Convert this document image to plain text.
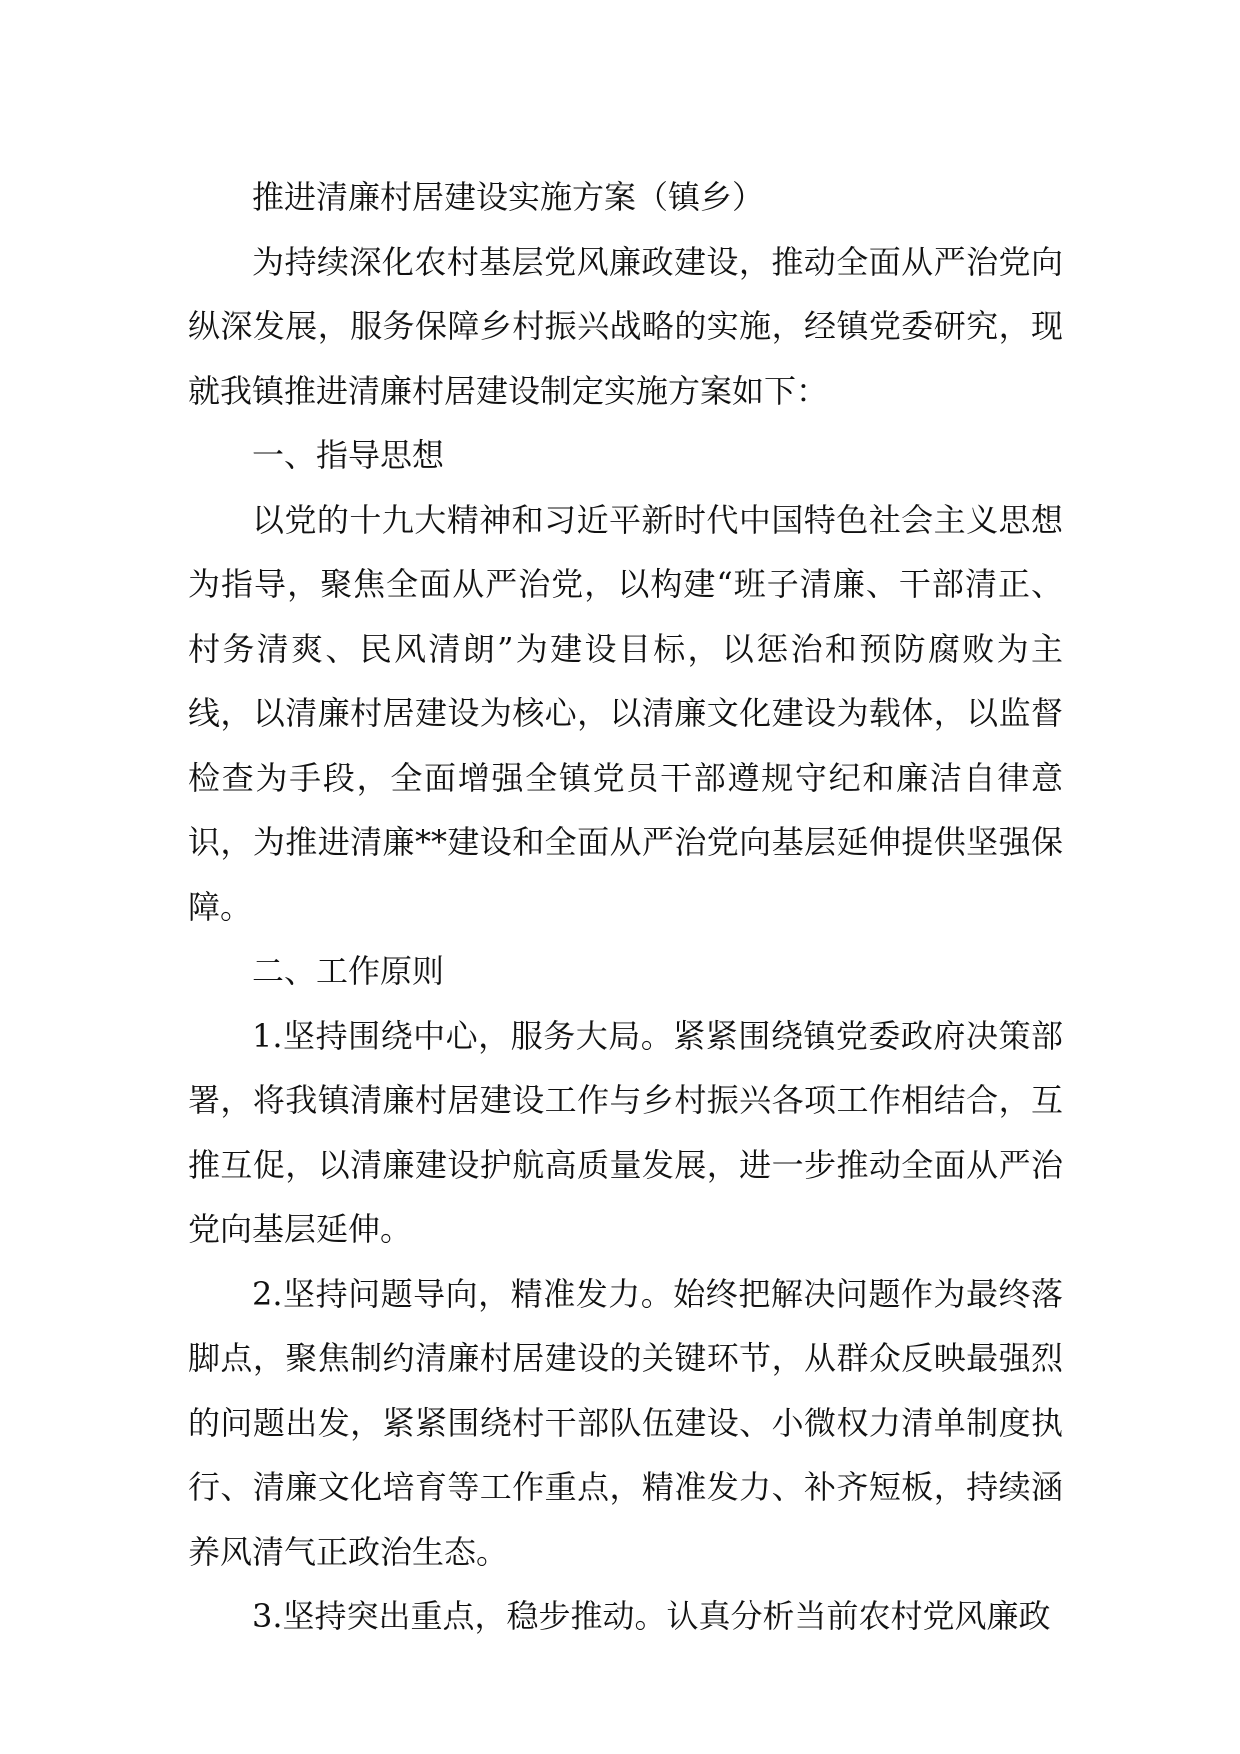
推进清廉村居建设实施方案（镇乡）

为持续深化农村基层党风廉政建设，推动全面从严治党向纵深发展，服务保障乡村振兴战略的实施，经镇党委研究，现就我镇推进清廉村居建设制定实施方案如下：

一、指导思想

以党的十九大精神和习近平新时代中国特色社会主义思想为指导，聚焦全面从严治党，以构建“班子清廉、干部清正、村务清爽、民风清朗”为建设目标，以惩治和预防腐败为主线，以清廉村居建设为核心，以清廉文化建设为载体，以监督检查为手段，全面增强全镇党员干部遵规守纪和廉洁自律意识，为推进清廉**建设和全面从严治党向基层延伸提供坚强保障。

二、工作原则

1.坚持围绕中心，服务大局。紧紧围绕镇党委政府决策部署，将我镇清廉村居建设工作与乡村振兴各项工作相结合，互推互促，以清廉建设护航高质量发展，进一步推动全面从严治党向基层延伸。

2.坚持问题导向，精准发力。始终把解决问题作为最终落脚点，聚焦制约清廉村居建设的关键环节，从群众反映最强烈的问题出发，紧紧围绕村干部队伍建设、小微权力清单制度执行、清廉文化培育等工作重点，精准发力、补齐短板，持续涵养风清气正政治生态。

3.坚持突出重点，稳步推动。认真分析当前农村党风廉政
